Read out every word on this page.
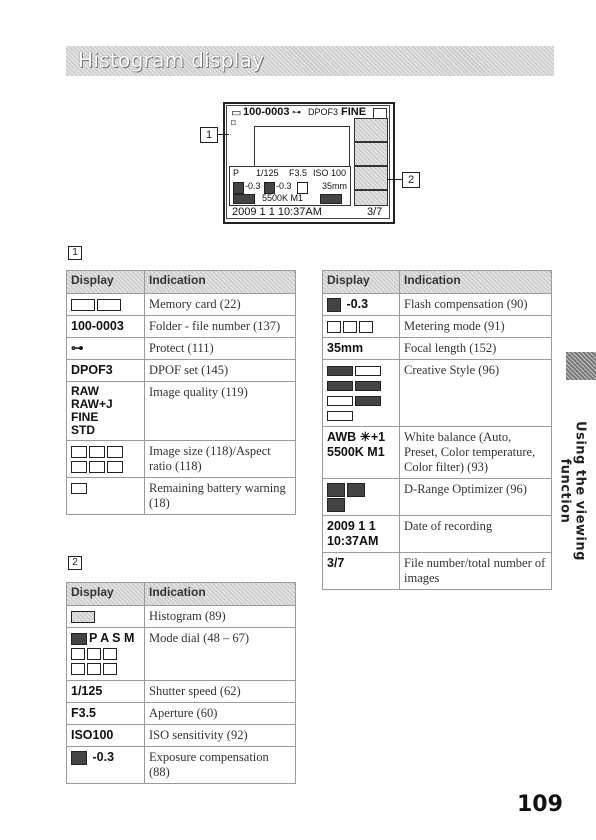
Histogram display
▭ 100-0003 ⊶ DPOF3 FINE
⌑
P 1/125 F3.5 ISO 100
-0.3 -0.3	35mm
5500K M1
2009 1 1 10:37AM	3/7
1
2
1
Display	Indication
	Memory card (22)
100-0003	Folder - file number (137)
⊶	Protect (111)
DPOF3	DPOF set (145)
RAW
RAW+J
FINE
STD	Image quality (119)

	Image size (118)/Aspect ratio (118)
	Remaining battery warning (18)
2
Display	Indication
	Histogram (89)
P A S M	Mode dial (48 – 67)
1/125	Shutter speed (62)
F3.5	Aperture (60)
ISO100	ISO sensitivity (92)
-0.3	Exposure compensation (88)
Display	Indication
-0.3	Flash compensation (90)
	Metering mode (91)
35mm	Focal length (152)

	Creative Style (96)
AWB ☀+1
5500K M1	White balance (Auto, Preset, Color temperature, Color filter) (93)

	D-Range Optimizer (96)
2009 1 1
10:37AM	Date of recording
3/7	File number/total number of images
Using the viewing function
109
